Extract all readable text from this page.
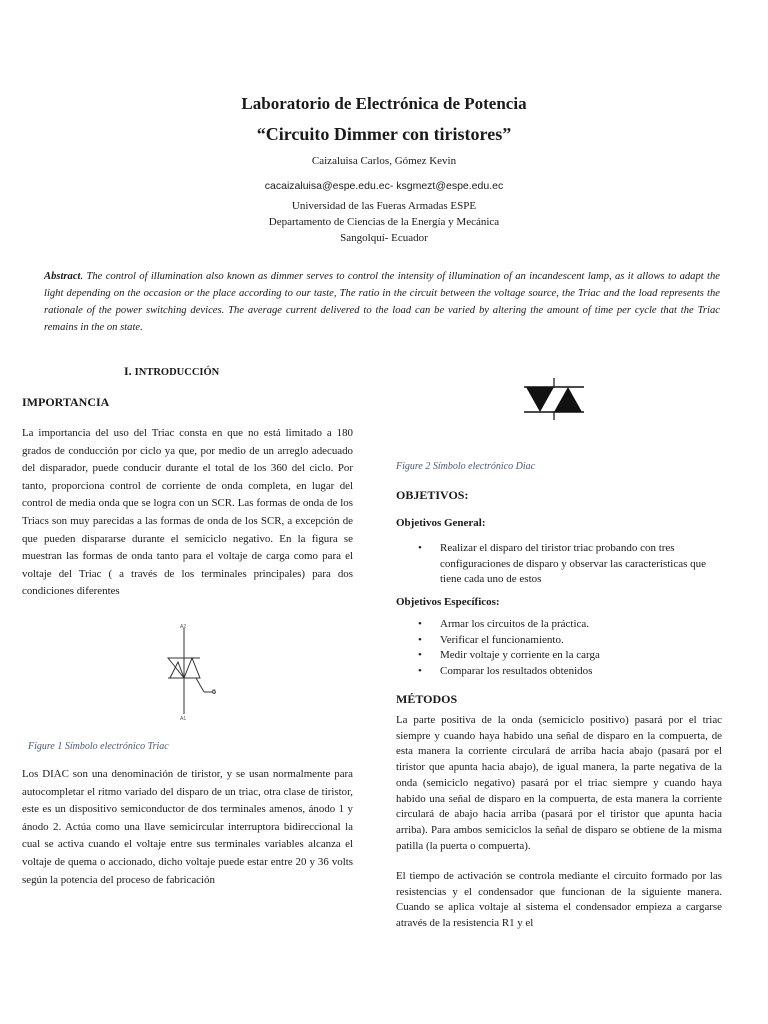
Laboratorio de Electrónica de Potencia
“Circuito Dimmer con tiristores”
Caizaluisa Carlos, Gómez Kevin
cacaizaluisa@espe.edu.ec- ksgmezt@espe.edu.ec
Universidad de las Fueras Armadas ESPE
Departamento de Ciencias de la Energía y Mecánica
Sangolquí- Ecuador
Abstract. The control of illumination also known as dimmer serves to control the intensity of illumination of an incandescent lamp, as it allows to adapt the light depending on the occasion or the place according to our taste, The ratio in the circuit between the voltage source, the Triac and the load represents the rationale of the power switching devices. The average current delivered to the load can be varied by altering the amount of time per cycle that the Triac remains in the on state.
I. INTRODUCCIÓN
IMPORTANCIA
La importancia del uso del Triac consta en que no está limitado a 180 grados de conducción por ciclo ya que, por medio de un arreglo adecuado del disparador, puede conducir durante el total de los 360 del ciclo. Por tanto, proporciona control de corriente de onda completa, en lugar del control de media onda que se logra con un SCR. Las formas de onda de los Triacs son muy parecidas a las formas de onda de los SCR, a excepción de que pueden dispararse durante el semiciclo negativo. En la figura se muestran las formas de onda tanto para el voltaje de carga como para el voltaje del Triac ( a través de los terminales principales) para dos condiciones diferentes
A2
A1
G
Figure 1 Símbolo electrónico Triac
Los DIAC son una denominación de tiristor, y se usan normalmente para autocompletar el ritmo variado del disparo de un triac, otra clase de tiristor, este es un dispositivo semiconductor de dos terminales amenos, ánodo 1 y ánodo 2. Actúa como una llave semicircular interruptora bidireccional la cual se activa cuando el voltaje entre sus terminales variables alcanza el voltaje de quema o accionado, dicho voltaje puede estar entre 20 y 36 volts según la potencia del proceso de fabricación
Figure 2 Símbolo electrónico Diac
OBJETIVOS:
Objetivos General:
• Realizar el disparo del tiristor triac probando con tres configuraciones de disparo y observar las características que tiene cada uno de estos
Objetivos Específicos:
• Armar los circuitos de la práctica.
• Verificar el funcionamiento.
• Medir voltaje y corriente en la carga
• Comparar los resultados obtenidos
MÉTODOS
La parte positiva de la onda (semiciclo positivo) pasará por el triac siempre y cuando haya habido una señal de disparo en la compuerta, de esta manera la corriente circulará de arriba hacia abajo (pasará por el tiristor que apunta hacia abajo), de igual manera, la parte negativa de la onda (semiciclo negativo) pasará por el triac siempre y cuando haya habido una señal de disparo en la compuerta, de esta manera la corriente circulará de abajo hacia arriba (pasará por el tiristor que apunta hacia arriba). Para ambos semiciclos la señal de disparo se obtiene de la misma patilla (la puerta o compuerta).
El tiempo de activación se controla mediante el circuito formado por las resistencias y el condensador que funcionan de la siguiente manera. Cuando se aplica voltaje al sistema el condensador empieza a cargarse através de la resistencia R1 y el
